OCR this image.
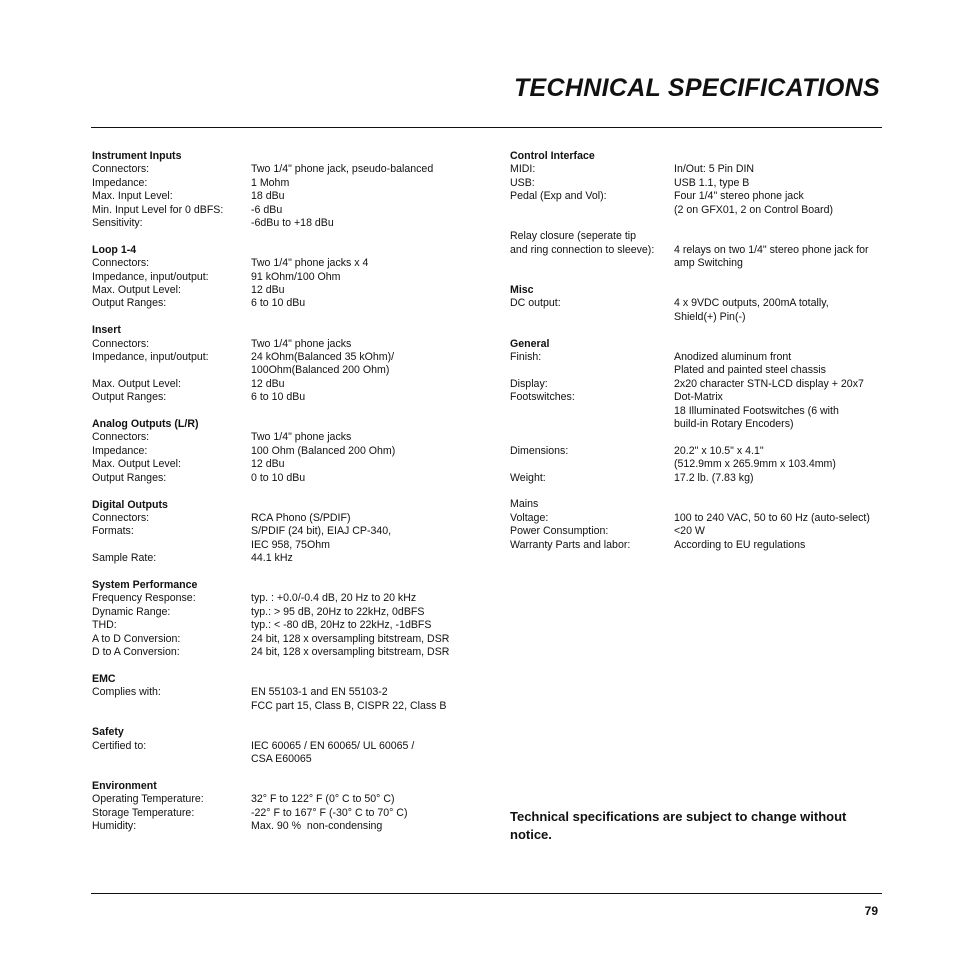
TECHNICAL SPECIFICATIONS
Instrument Inputs
Connectors:	Two 1/4" phone jack, pseudo-balanced
Impedance:	1 Mohm
Max. Input Level:	18 dBu
Min. Input Level for 0 dBFS:	-6 dBu
Sensitivity:	-6dBu to +18 dBu
Loop 1-4
Connectors:	Two 1/4" phone jacks x 4
Impedance, input/output:	91 kOhm/100 Ohm
Max. Output Level:	12 dBu
Output Ranges:	6 to 10 dBu
Insert
Connectors:	Two 1/4" phone jacks
Impedance, input/output:	24 kOhm(Balanced 35 kOhm)/
100Ohm(Balanced 200 Ohm)
Max. Output Level:	12 dBu
Output Ranges:	6 to 10 dBu
Analog Outputs (L/R)
Connectors:	Two 1/4" phone jacks
Impedance:	100 Ohm (Balanced 200 Ohm)
Max. Output Level:	12 dBu
Output Ranges:	0 to 10 dBu
Digital Outputs
Connectors:	RCA Phono (S/PDIF)
Formats:	S/PDIF (24 bit), EIAJ CP-340,
IEC 958, 75Ohm
Sample Rate:	44.1 kHz
System Performance
Frequency Response:	typ. : +0.0/-0.4 dB, 20 Hz to 20 kHz
Dynamic Range:	typ.: > 95 dB, 20Hz to 22kHz, 0dBFS
THD:	typ.: < -80 dB, 20Hz to 22kHz, -1dBFS
A to D Conversion:	24 bit, 128 x oversampling bitstream, DSR
D to A Conversion:	24 bit, 128 x oversampling bitstream, DSR
EMC
Complies with:	EN 55103-1 and EN 55103-2
FCC part 15, Class B, CISPR 22, Class B
Safety
Certified to:	IEC 60065 / EN 60065/ UL 60065 /
CSA E60065
Environment
Operating Temperature:	32° F to 122° F (0° C to 50° C)
Storage Temperature:	-22° F to 167° F (-30° C to 70° C)
Humidity:	Max. 90 %  non-condensing
Control Interface
MIDI:	In/Out: 5 Pin DIN
USB:	USB 1.1, type B
Pedal (Exp and Vol):	Four 1/4" stereo phone jack
(2 on GFX01, 2 on Control Board)
Relay closure (seperate tip
and ring connection to sleeve):	4 relays on two 1/4" stereo phone jack for
amp Switching
Misc
DC output:	4 x 9VDC outputs, 200mA totally,
Shield(+) Pin(-)
General
Finish:	Anodized aluminum front
Plated and painted steel chassis
Display:	2x20 character STN-LCD display + 20x7
Footswitches:	Dot-Matrix
18 Illuminated Footswitches (6 with
build-in Rotary Encoders)
Dimensions:	20.2" x 10.5" x 4.1"
(512.9mm x 265.9mm x 103.4mm)
Weight:	17.2 lb. (7.83 kg)
Mains
Voltage:	100 to 240 VAC, 50 to 60 Hz (auto-select)
Power Consumption:	<20 W
Warranty Parts and labor:	According to EU regulations
Technical specifications are subject to change without notice.
79
